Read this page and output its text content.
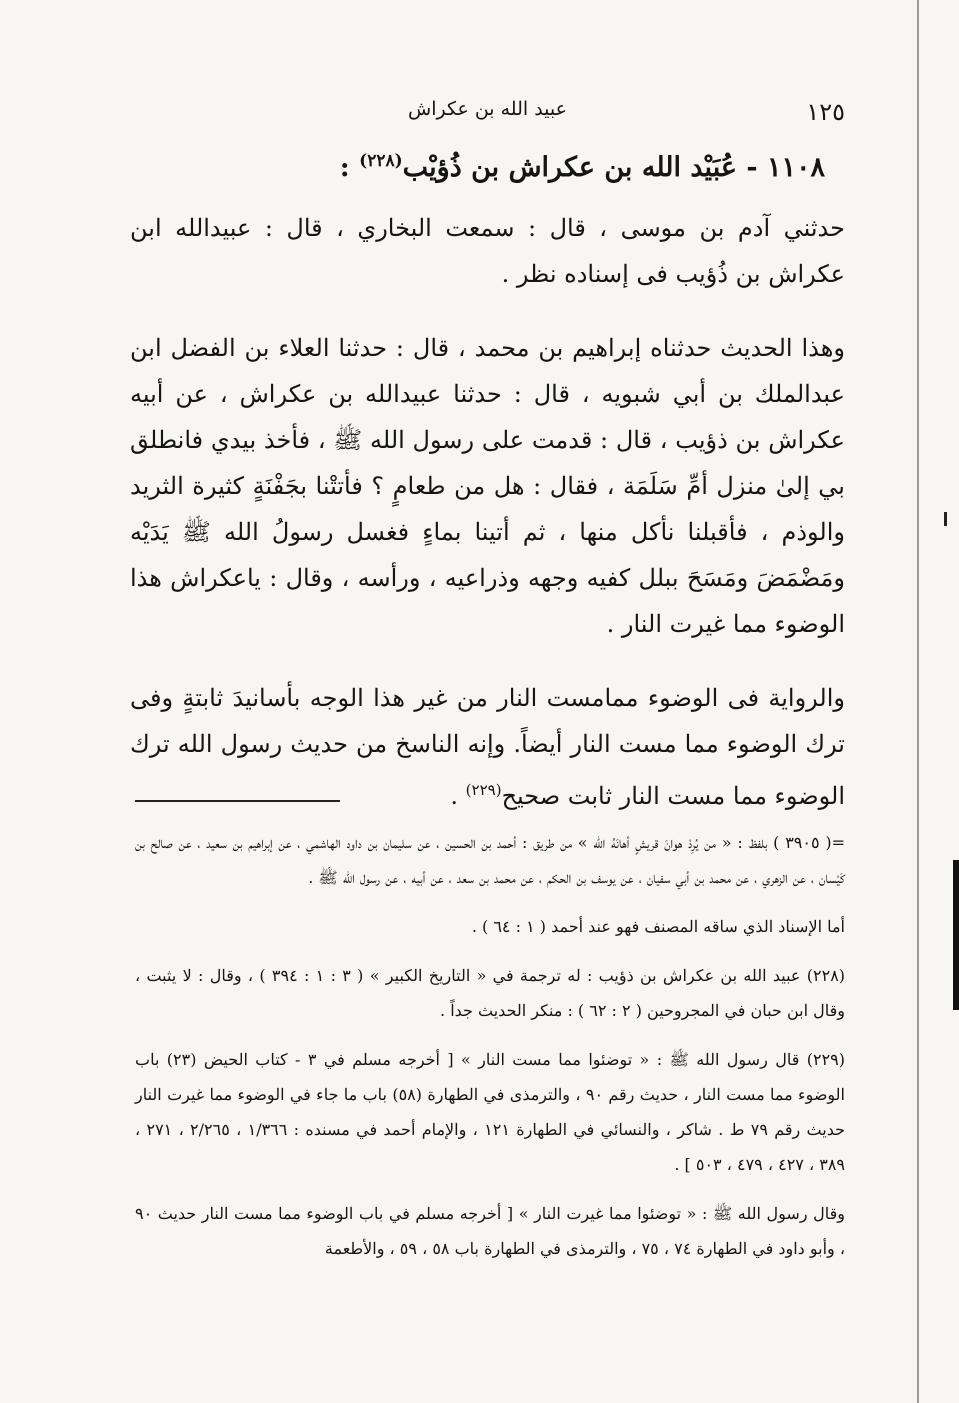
١٢٥
عبيد الله بن عكراش
١١٠٨ - عُبَيْد الله بن عكراش بن ذُؤيْب$^{(٢٢٨)}$ :

حدثني آدم بن موسى ، قال : سمعت البخاري ، قال : عبيدالله ابن عكراش بن ذُؤيب فى إسناده نظر .

وهذا الحديث حدثناه إبراهيم بن محمد ، قال : حدثنا العلاء بن الفضل ابن عبدالملك بن أبي شبويه ، قال : حدثنا عبيدالله بن عكراش ، عن أبيه عكراش بن ذؤيب ، قال : قدمت على رسول الله ﷺ ، فأخذ بيدي فانطلق بي إلىٰ منزل أمِّ سَلَمَة ، فقال : هل من طعامٍ ؟ فأتتْنا بجَفْنَةٍ كثيرة الثريد والوذم ، فأقبلنا نأكل منها ، ثم أتينا بماءٍ فغسل رسولُ الله ﷺ يَدَيْه ومَضْمَضَ ومَسَحَ ببلل كفيه وجهه وذراعيه ، ورأسه ، وقال : ياعكراش هذا الوضوء مما غيرت النار .

والرواية فى الوضوء ممامست النار من غير هذا الوجه بأسانيدَ ثابتةٍ وفى ترك الوضوء مما مست النار أيضاً. وإنه الناسخ من حديث رسول الله ترك الوضوء مما مست النار ثابت صحيح$^{(٢٢٩)}$ .

=( ٣٩٠٥ ) بلفظ : « من يُرِدْ هوانَ قريشٍ أهانَهُ الله » من طريق : أحمد بن الحسين ، عن سليمان بن داود الهاشمي ، عن إبراهيم بن سعيد ، عن صالح بن كَيْسان ، عن الزهري ، عن محمد بن أبي سفيان ، عن يوسف بن الحكم ، عن محمد بن سعد ، عن أبيه ، عن رسول الله ﷺ .

أما الإسناد الذي ساقه المصنف فهو عند أحمد ( ١ : ٦٤ ) .

(٢٢٨) عبيد الله بن عكراش بن ذؤيب : له ترجمة في « التاريخ الكبير » ( ٣ : ١ : ٣٩٤ ) ، وقال : لا يثبت ، وقال ابن حبان في المجروحين ( ٢ : ٦٢ ) : منكر الحديث جداً .

(٢٢٩) قال رسول الله ﷺ : « توضئوا مما مست النار » [ أخرجه مسلم في ٣ - كتاب الحيض (٢٣) باب الوضوء مما مست النار ، حديث رقم ٩٠ ، والترمذى في الطهارة (٥٨) باب ما جاء في الوضوء مما غيرت النار حديث رقم ٧٩ ط . شاكر ، والنسائي في الطهارة ١٢١ ، والإمام أحمد في مسنده : ١/٣٦٦ ، ٢/٢٦٥ ، ٢٧١ ، ٣٨٩ ، ٤٢٧ ، ٤٧٩ ، ٥٠٣ ] .

وقال رسول الله ﷺ : « توضئوا مما غيرت النار » [ أخرجه مسلم في باب الوضوء مما مست النار حديث ٩٠ ، وأبو داود في الطهارة ٧٤ ، ٧٥ ، والترمذى في الطهارة باب ٥٨ ، ٥٩ ، والأطعمة
